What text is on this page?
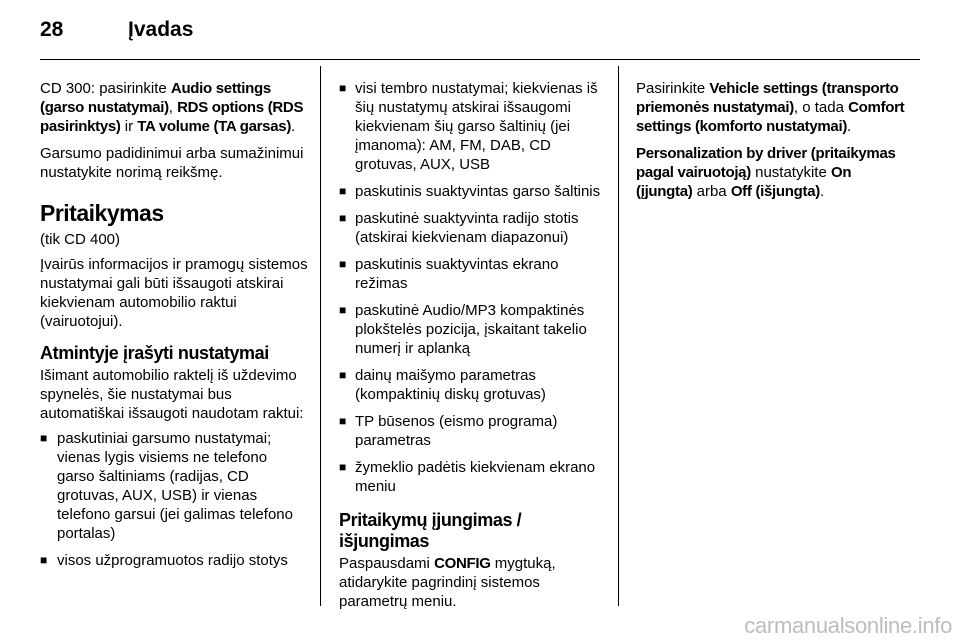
28	Įvadas

CD 300: pasirinkite Audio settings (garso nustatymai), RDS options (RDS pasirinktys) ir TA volume (TA garsas).

Garsumo padidinimui arba sumažinimui nustatykite norimą reikšmę.

Pritaikymas

(tik CD 400)

Įvairūs informacijos ir pramogų sistemos nustatymai gali būti išsaugoti atskirai kiekvienam automobilio raktui (vairuotojui).

Atmintyje įrašyti nustatymai

Išimant automobilio raktelį iš uždevimo spynelės, šie nustatymai bus automatiškai išsaugoti naudotam raktui:

■ paskutiniai garsumo nustatymai; vienas lygis visiems ne telefono garso šaltiniams (radijas, CD grotuvas, AUX, USB) ir vienas telefono garsui (jei galimas telefono portalas)
■ visos užprogramuotos radijo stotys
■ visi tembro nustatymai; kiekvienas iš šių nustatymų atskirai išsaugomi kiekvienam šių garso šaltinių (jei įmanoma): AM, FM, DAB, CD grotuvas, AUX, USB
■ paskutinis suaktyvintas garso šaltinis
■ paskutinė suaktyvinta radijo stotis (atskirai kiekvienam diapazonui)
■ paskutinis suaktyvintas ekrano režimas
■ paskutinė Audio/MP3 kompaktinės plokštelės pozicija, įskaitant takelio numerį ir aplanką
■ dainų maišymo parametras (kompaktinių diskų grotuvas)
■ TP būsenos (eismo programa) parametras
■ žymeklio padėtis kiekvienam ekrano meniu
Pritaikymų įjungimas / išjungimas

Paspausdami CONFIG mygtuką, atidarykite pagrindinį sistemos parametrų meniu.

Pasirinkite Vehicle settings (transporto priemonės nustatymai), o tada Comfort settings (komforto nustatymai).

Personalization by driver (pritaikymas pagal vairuotoją) nustatykite On (įjungta) arba Off (išjungta).

carmanualsonline.info
